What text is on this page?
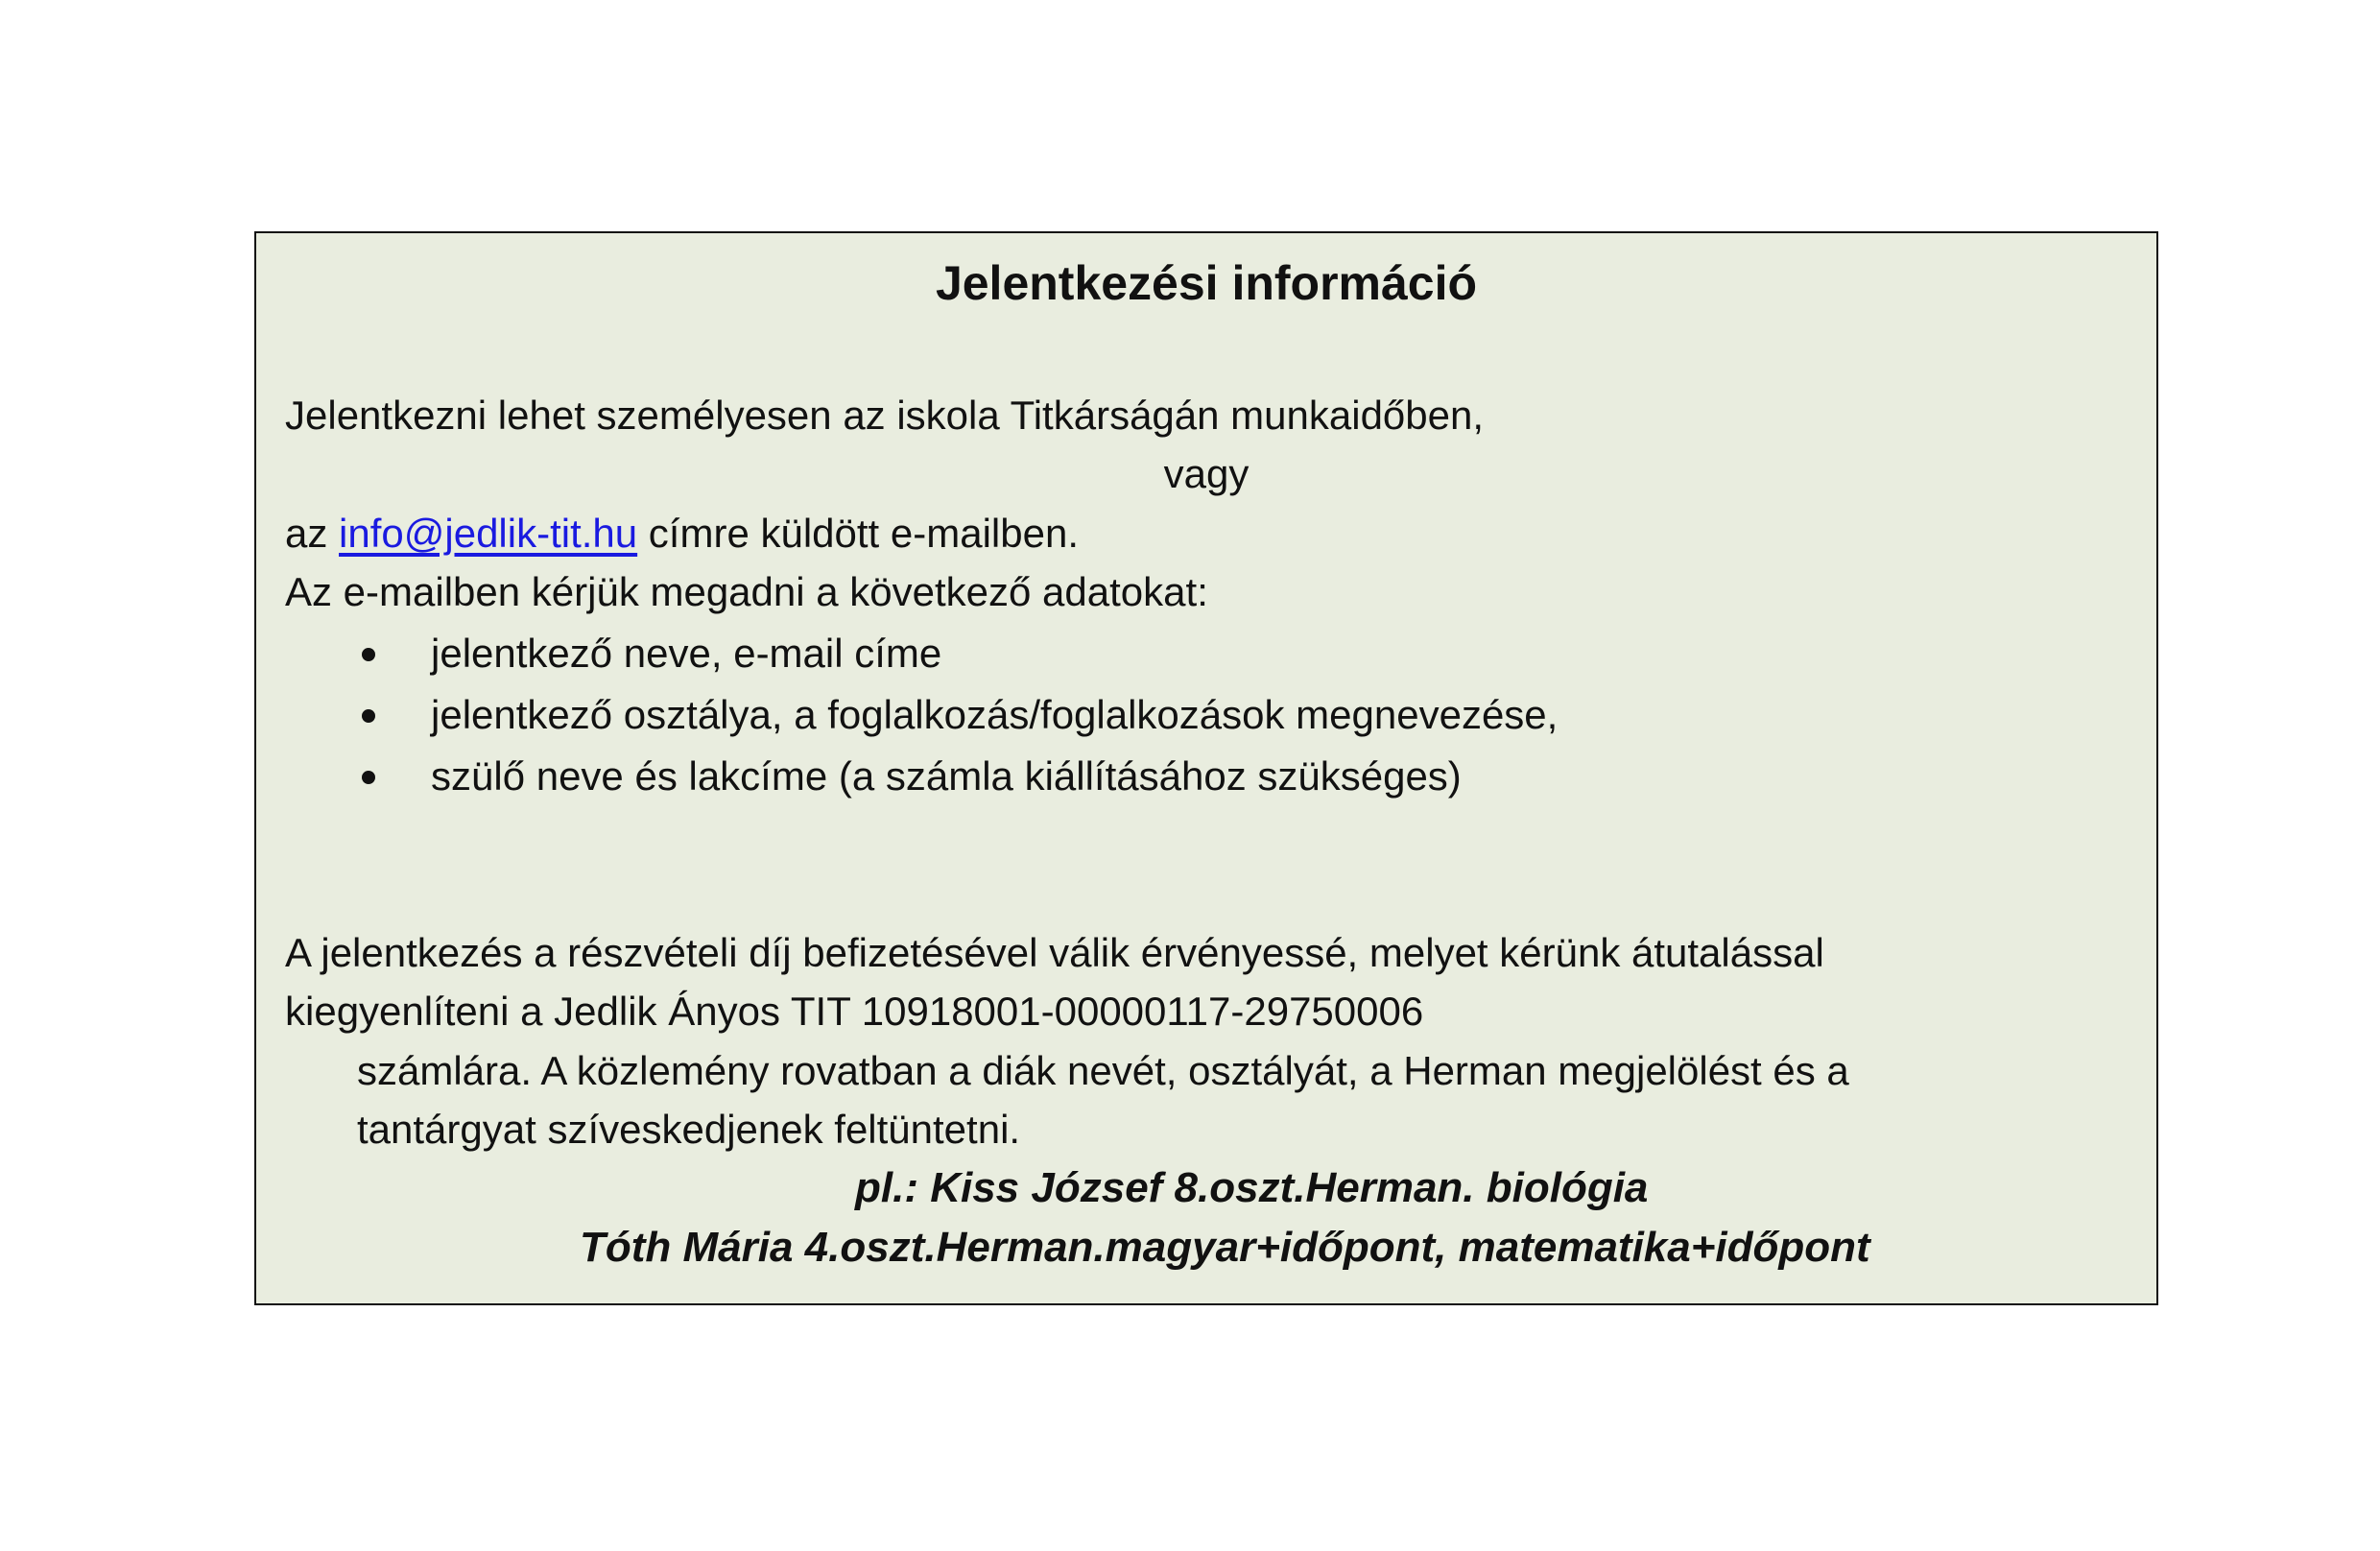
Jelentkezési információ
Jelentkezni lehet személyesen az iskola Titkárságán munkaidőben,
vagy
az info@jedlik-tit.hu címre küldött e-mailben.
Az e-mailben kérjük megadni a következő adatokat:
jelentkező neve, e-mail címe
jelentkező osztálya, a foglalkozás/foglalkozások megnevezése,
szülő neve és lakcíme (a számla kiállításához szükséges)
A jelentkezés a részvételi díj befizetésével válik érvényessé, melyet kérünk átutalással
kiegyenlíteni a Jedlik Ányos TIT 10918001-00000117-29750006
számlára. A közlemény rovatban a diák nevét, osztályát, a Herman megjelölést és a
tantárgyat szíveskedjenek feltüntetni.
pl.: Kiss József 8.oszt.Herman. biológia
Tóth Mária 4.oszt.Herman.magyar+időpont, matematika+időpont
